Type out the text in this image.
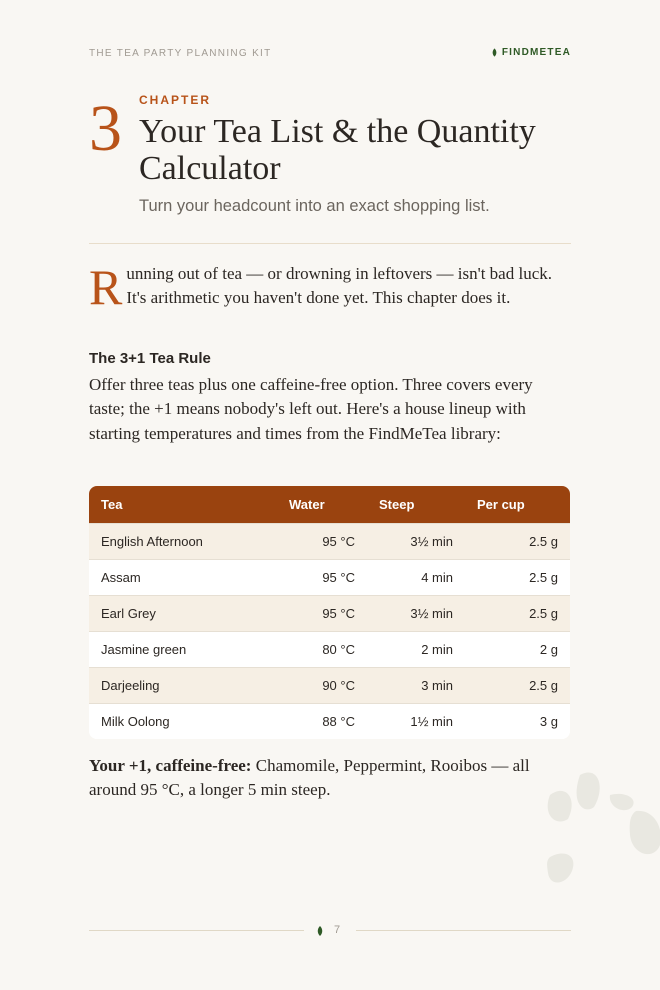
THE TEA PARTY PLANNING KIT	FINDMETEA
3 CHAPTER
Your Tea List & the Quantity Calculator

Turn your headcount into an exact shopping list.

Running out of tea — or drowning in leftovers — isn't bad luck. It's arithmetic you haven't done yet. This chapter does it.

The 3+1 Tea Rule

Offer three teas plus one caffeine-free option. Three covers every taste; the +1 means nobody's left out. Here's a house lineup with starting temperatures and times from the FindMeTea library:

Tea	Water	Steep	Per cup
English Afternoon	95 °C	3½ min	2.5 g
Assam	95 °C	4 min	2.5 g
Earl Grey	95 °C	3½ min	2.5 g
Jasmine green	80 °C	2 min	2 g
Darjeeling	90 °C	3 min	2.5 g
Milk Oolong	88 °C	1½ min	3 g

Your +1, caffeine-free: Chamomile, Peppermint, Rooibos — all around 95 °C, a longer 5 min steep.

7
